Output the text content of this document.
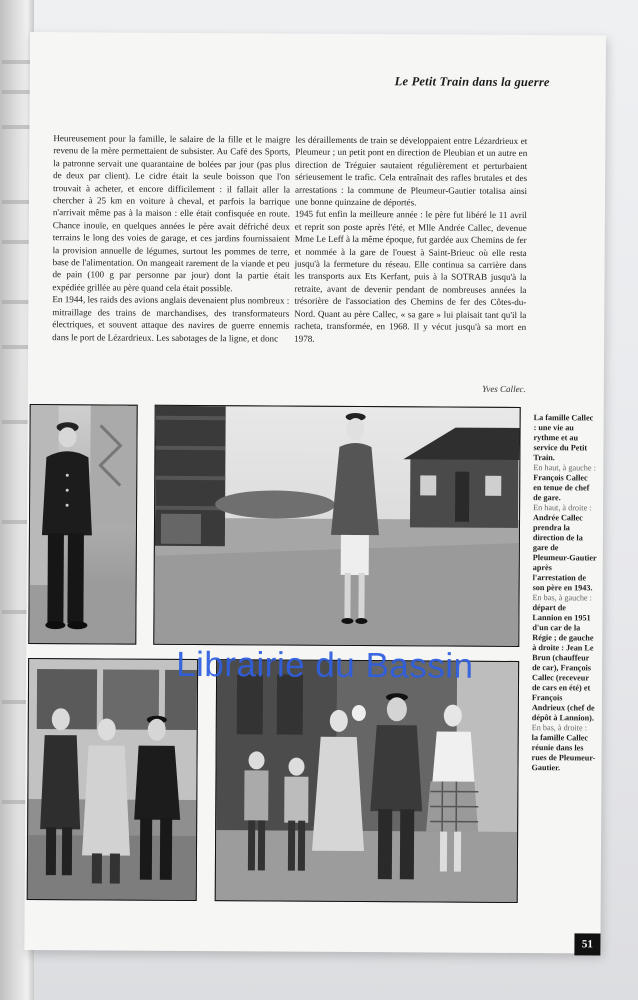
Le Petit Train dans la guerre

Heureusement pour la famille, le salaire de la fille et le maigre revenu de la mère permettaient de subsister. Au Café des Sports, la patronne servait une quarantaine de bolées par jour (pas plus de deux par client). Le cidre était la seule boisson que l'on trouvait à acheter, et encore difficilement : il fallait aller la chercher à 25 km en voiture à cheval, et parfois la barrique n'arrivait même pas à la maison : elle était confisquée en route. Chance inouïe, en quelques années le père avait défriché deux terrains le long des voies de garage, et ces jardins fournissaient la provision annuelle de légumes, surtout les pommes de terre, base de l'alimentation. On mangeait rarement de la viande et peu de pain (100 g par personne par jour) dont la partie était expédiée grillée au père quand cela était possible.

En 1944, les raids des avions anglais devenaient plus nombreux : mitraillage des trains de marchandises, des transformateurs électriques, et souvent attaque des navires de guerre ennemis dans le port de Lézardrieux. Les sabotages de la ligne, et donc

les déraillements de train se développaient entre Lézardrieux et Pleumeur ; un petit pont en direction de Pleubian et un autre en direction de Tréguier sautaient régulièrement et perturbaient sérieusement le trafic. Cela entraînait des rafles brutales et des arrestations : la commune de Pleumeur-Gautier totalisa ainsi une bonne quinzaine de déportés.

1945 fut enfin la meilleure année : le père fut libéré le 11 avril et reprit son poste après l'été, et Mlle Andrée Callec, devenue Mme Le Leff à la même époque, fut gardée aux Chemins de fer et nommée à la gare de l'ouest à Saint-Brieuc où elle resta jusqu'à la fermeture du réseau. Elle continua sa carrière dans les transports aux Ets Kerfant, puis à la SOTRAB jusqu'à la retraite, avant de devenir pendant de nombreuses années la trésorière de l'association des Chemins de fer des Côtes-du-Nord. Quant au père Callec, « sa gare » lui plaisait tant qu'il la racheta, transformée, en 1968. Il y vécut jusqu'à sa mort en 1978.

Yves Callec.
La famille Callec : une vie au rythme et au service du Petit Train.
En haut, à gauche :
François Callec en tenue de chef de gare.
En haut, à droite :
Andrée Callec prendra la direction de la gare de Pleumeur-Gautier après l'arrestation de son père en 1943.
En bas, à gauche :
départ de Lannion en 1951 d'un car de la Régie ; de gauche à droite : Jean Le Brun (chauffeur de car), François Callec (receveur de cars en été) et François Andrieux (chef de dépôt à Lannion).
En bas, à droite :
la famille Callec réunie dans les rues de Pleumeur-Gautier.
51
Librairie du Bassin
